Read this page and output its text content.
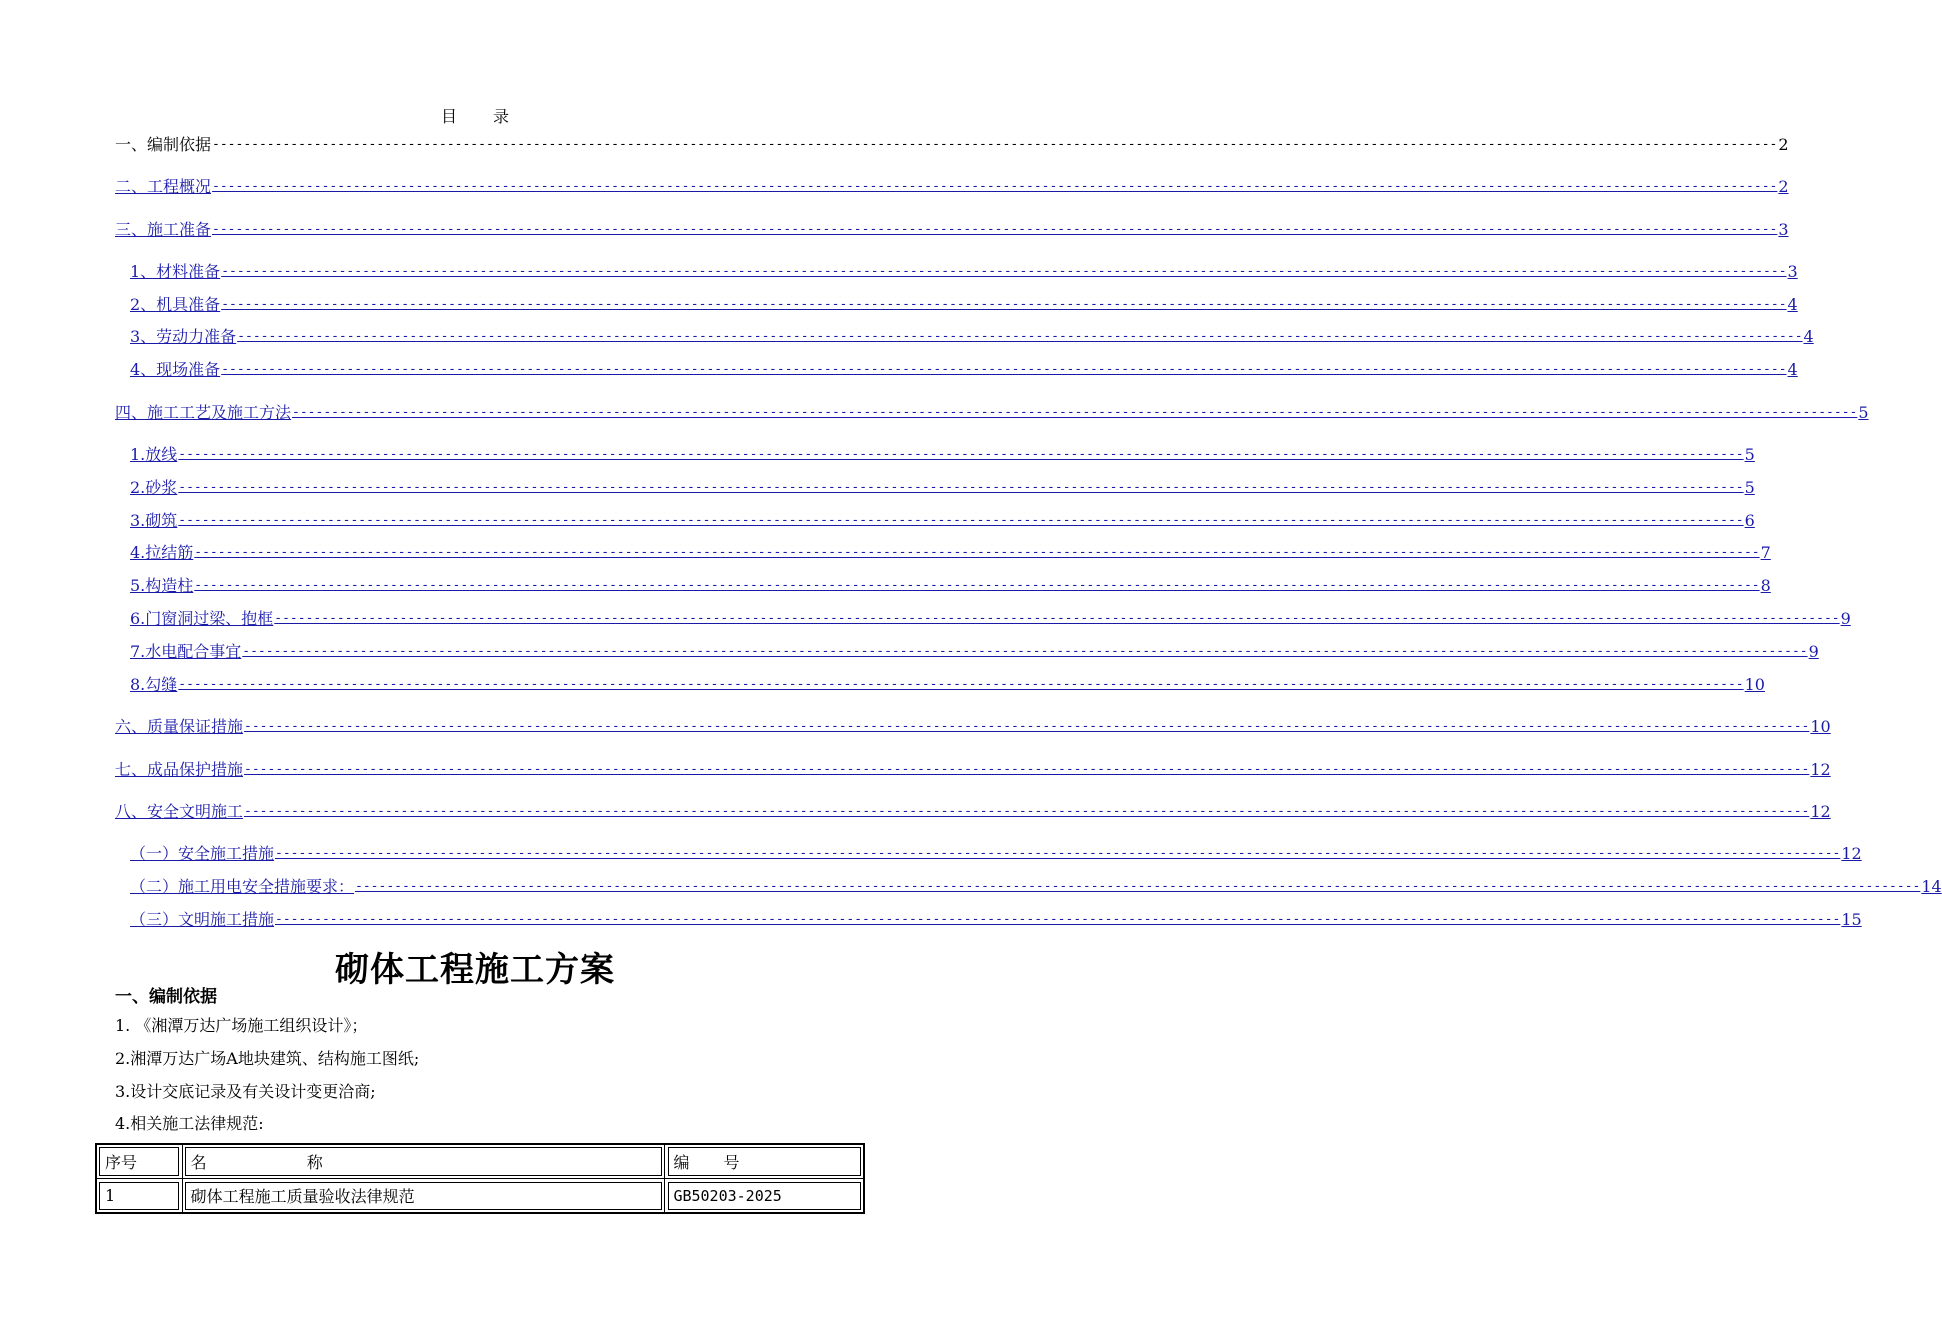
目录
一、编制依据 -------------------------------------------------------------------------------------------------------------------------------------------------------------------------------------------------------- 2
二、工程概况 -------------------------------------------------------------------------------------------------------------------------------------------------------------------------------------------------------- 2
三、施工准备 -------------------------------------------------------------------------------------------------------------------------------------------------------------------------------------------------------- 3
1、材料准备 -------------------------------------------------------------------------------------------------------------------------------------------------------------------------------------------------------- 3
2、机具准备 -------------------------------------------------------------------------------------------------------------------------------------------------------------------------------------------------------- 4
3、劳动力准备 -------------------------------------------------------------------------------------------------------------------------------------------------------------------------------------------------------- 4
4、现场准备 -------------------------------------------------------------------------------------------------------------------------------------------------------------------------------------------------------- 4
四、施工工艺及施工方法 -------------------------------------------------------------------------------------------------------------------------------------------------------------------------------------------------------- 5
1.放线 -------------------------------------------------------------------------------------------------------------------------------------------------------------------------------------------------------- 5
2.砂浆 -------------------------------------------------------------------------------------------------------------------------------------------------------------------------------------------------------- 5
3.砌筑 -------------------------------------------------------------------------------------------------------------------------------------------------------------------------------------------------------- 6
4.拉结筋 -------------------------------------------------------------------------------------------------------------------------------------------------------------------------------------------------------- 7
5.构造柱 -------------------------------------------------------------------------------------------------------------------------------------------------------------------------------------------------------- 8
6.门窗洞过梁、抱框 -------------------------------------------------------------------------------------------------------------------------------------------------------------------------------------------------------- 9
7.水电配合事宜 -------------------------------------------------------------------------------------------------------------------------------------------------------------------------------------------------------- 9
8.勾缝 -------------------------------------------------------------------------------------------------------------------------------------------------------------------------------------------------------- 10
六、质量保证措施 -------------------------------------------------------------------------------------------------------------------------------------------------------------------------------------------------------- 10
七、成品保护措施 -------------------------------------------------------------------------------------------------------------------------------------------------------------------------------------------------------- 12
八、安全文明施工 -------------------------------------------------------------------------------------------------------------------------------------------------------------------------------------------------------- 12
（一）安全施工措施 -------------------------------------------------------------------------------------------------------------------------------------------------------------------------------------------------------- 12
（二）施工用电安全措施要求： -------------------------------------------------------------------------------------------------------------------------------------------------------------------------------------------------------- 14
（三）文明施工措施 -------------------------------------------------------------------------------------------------------------------------------------------------------------------------------------------------------- 15
砌体工程施工方案
一、编制依据
1. 《湘潭万达广场施工组织设计》；
2.湘潭万达广场A地块建筑、结构施工图纸;
3.设计交底记录及有关设计变更洽商;
4.相关施工法律规范:
序号	名 称	编 号
1	砌体工程施工质量验收法律规范	GB50203-2025
